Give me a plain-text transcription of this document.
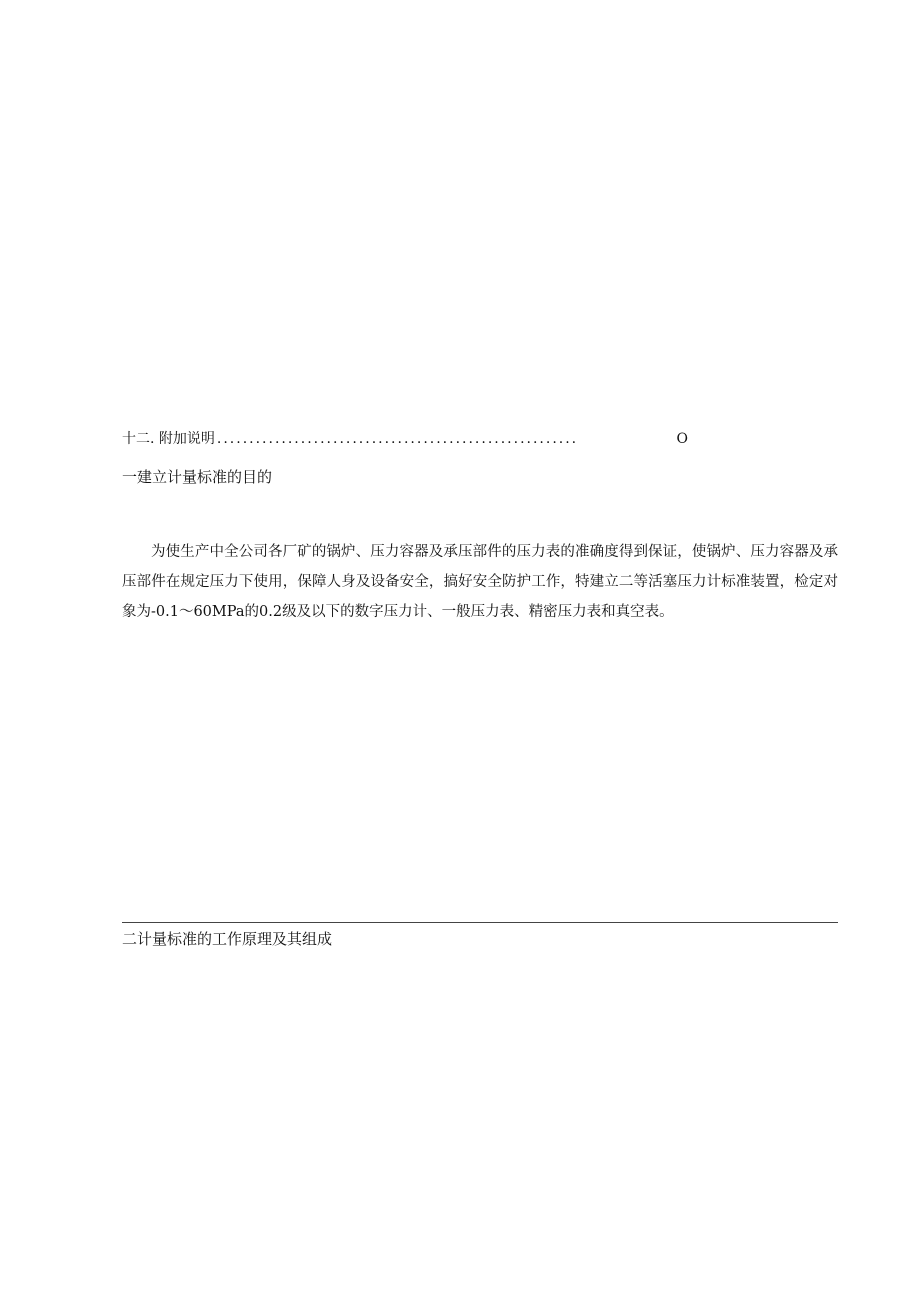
十二. 附加说明 ........................................................	O
一建立计量标准的目的

为使生产中全公司各厂矿的锅炉、压力容器及承压部件的压力表的准确度得到保证，使锅炉、压力容器及承压部件在规定压力下使用，保障人身及设备安全，搞好安全防护工作，特建立二等活塞压力计标准装置，检定对象为-0.1～60MPa的0.2级及以下的数字压力计、一般压力表、精密压力表和真空表。

二计量标准的工作原理及其组成
